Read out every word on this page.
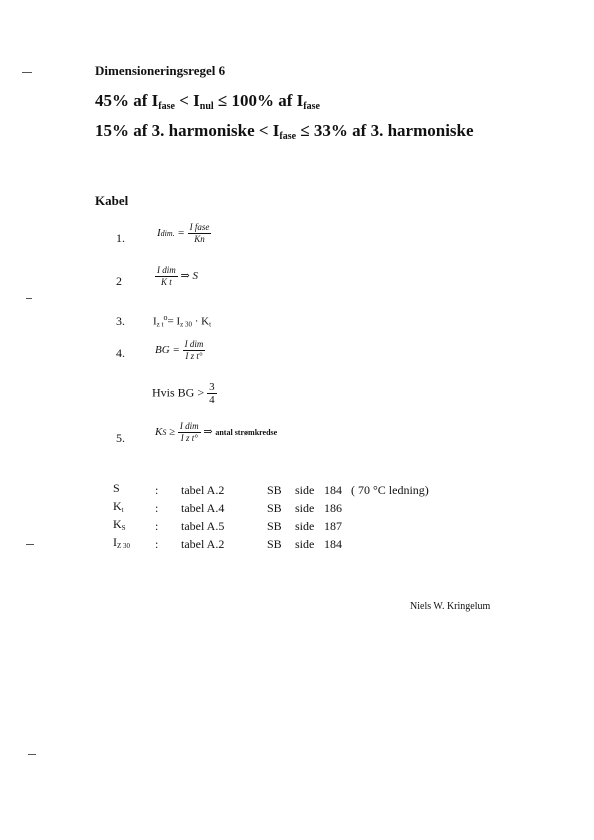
Dimensioneringsregel 6
45% af $I_{fase} < I_{nul} \le 100\%$ af $I_{fase}$
15% af 3. harmoniske < $I_{fase} \le 33\%$ af 3. harmoniske
Kabel
1.	Idim. = $\frac{\text{I fase}}{Kn}$
2	$\frac{\text{I dim}}{\text{K t}}$ ⇒ S
3.	Iz $t^o= Iz$ 30 · Kt
4.	BG = $\frac{\text{I dim}}{\text{I z t°}}$
Hvis BG > $\frac{3}{4}$
5.	KS ≥ $\frac{\text{I dim}}{\text{I z t°}}$ ⇒ antal strømkredse
S	:	tabel A.2	SB	side	184	( 70 °C ledning)
Kt	:	tabel A.4	SB	side	186	
KS	:	tabel A.5	SB	side	187	
IZ 30	:	tabel A.2	SB	side	184	
Niels W. Kringelum
